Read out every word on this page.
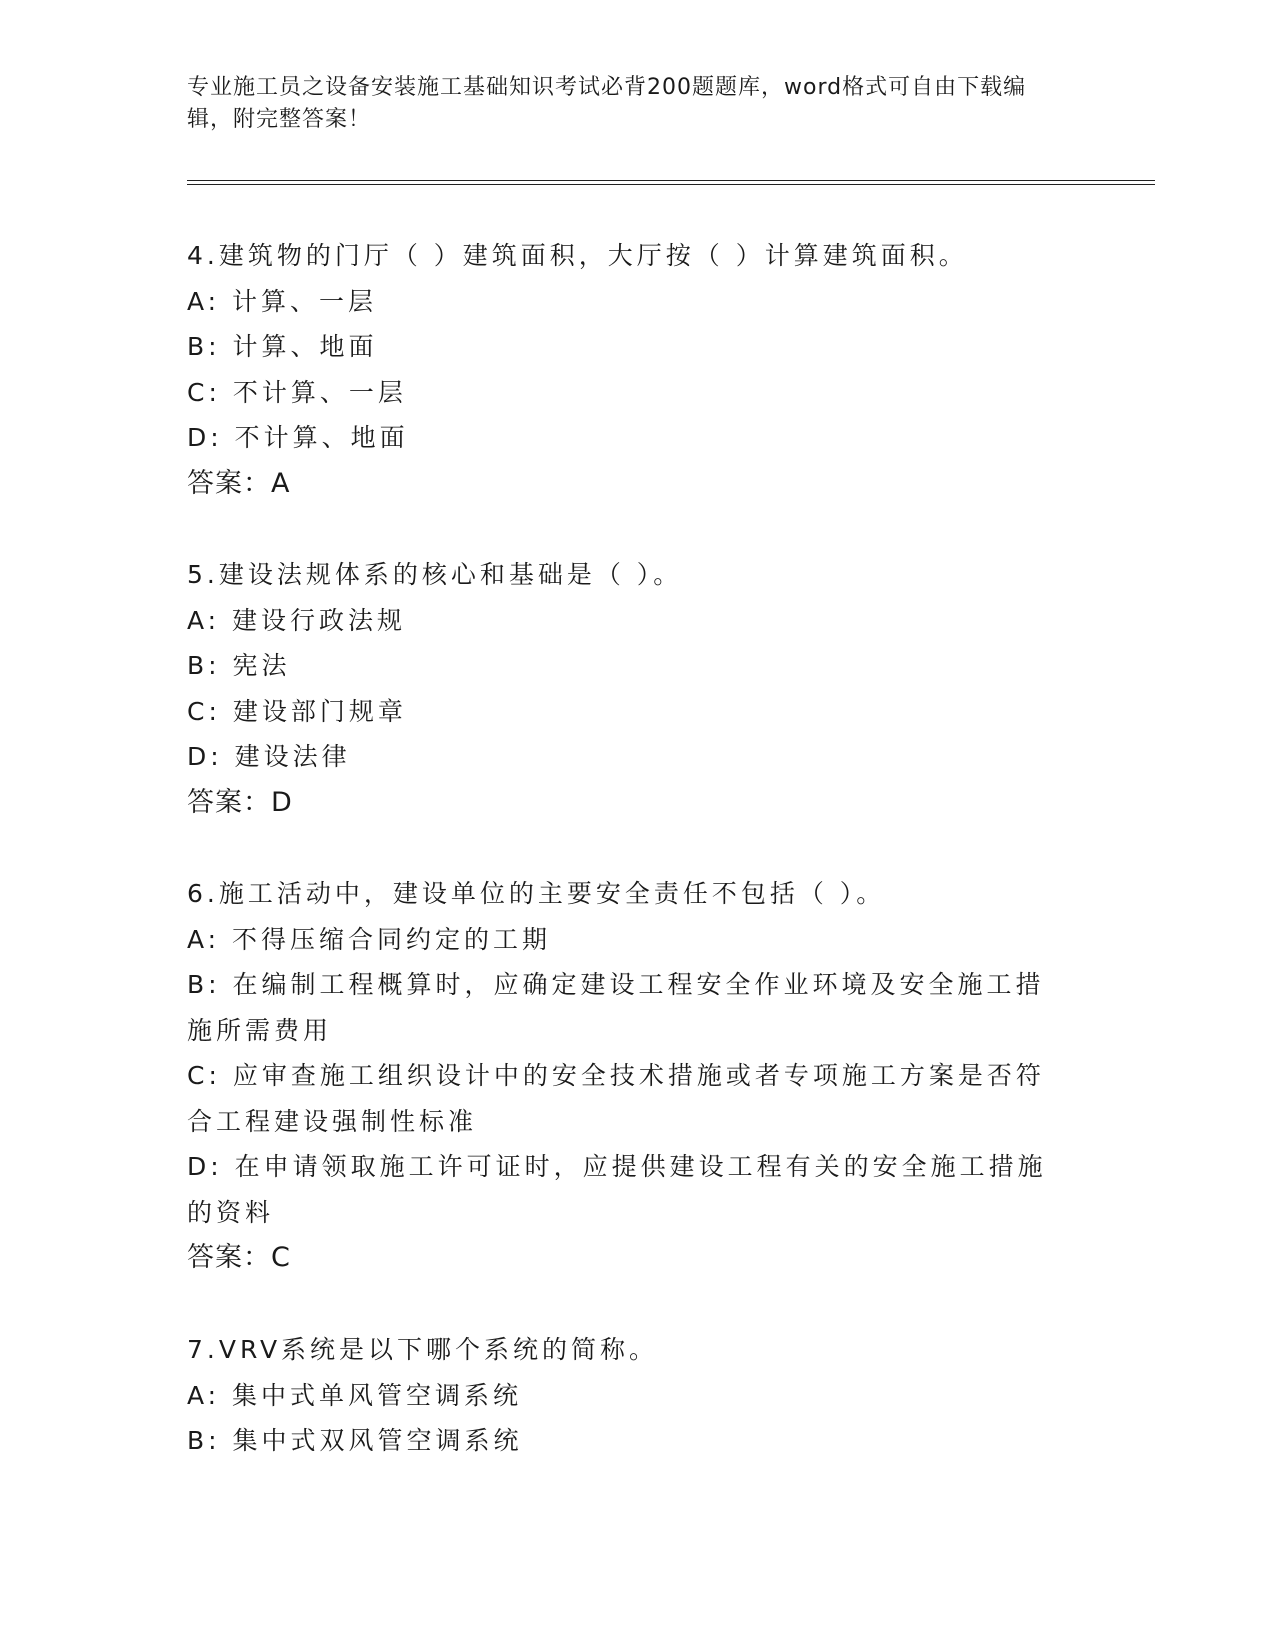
专业施工员之设备安装施工基础知识考试必背200题题库，word格式可自由下载编辑，附完整答案！
4.建筑物的门厅（ ）建筑面积，大厅按（ ）计算建筑面积。
A: 计算、一层
B: 计算、地面
C: 不计算、一层
D: 不计算、地面
答案：A
5.建设法规体系的核心和基础是（ ）。
A: 建设行政法规
B: 宪法
C: 建设部门规章
D: 建设法律
答案：D
6.施工活动中，建设单位的主要安全责任不包括（ ）。
A: 不得压缩合同约定的工期
B: 在编制工程概算时，应确定建设工程安全作业环境及安全施工措施所需费用
C: 应审查施工组织设计中的安全技术措施或者专项施工方案是否符合工程建设强制性标准
D: 在申请领取施工许可证时，应提供建设工程有关的安全施工措施的资料
答案：C
7.VRV系统是以下哪个系统的简称。
A: 集中式单风管空调系统
B: 集中式双风管空调系统
